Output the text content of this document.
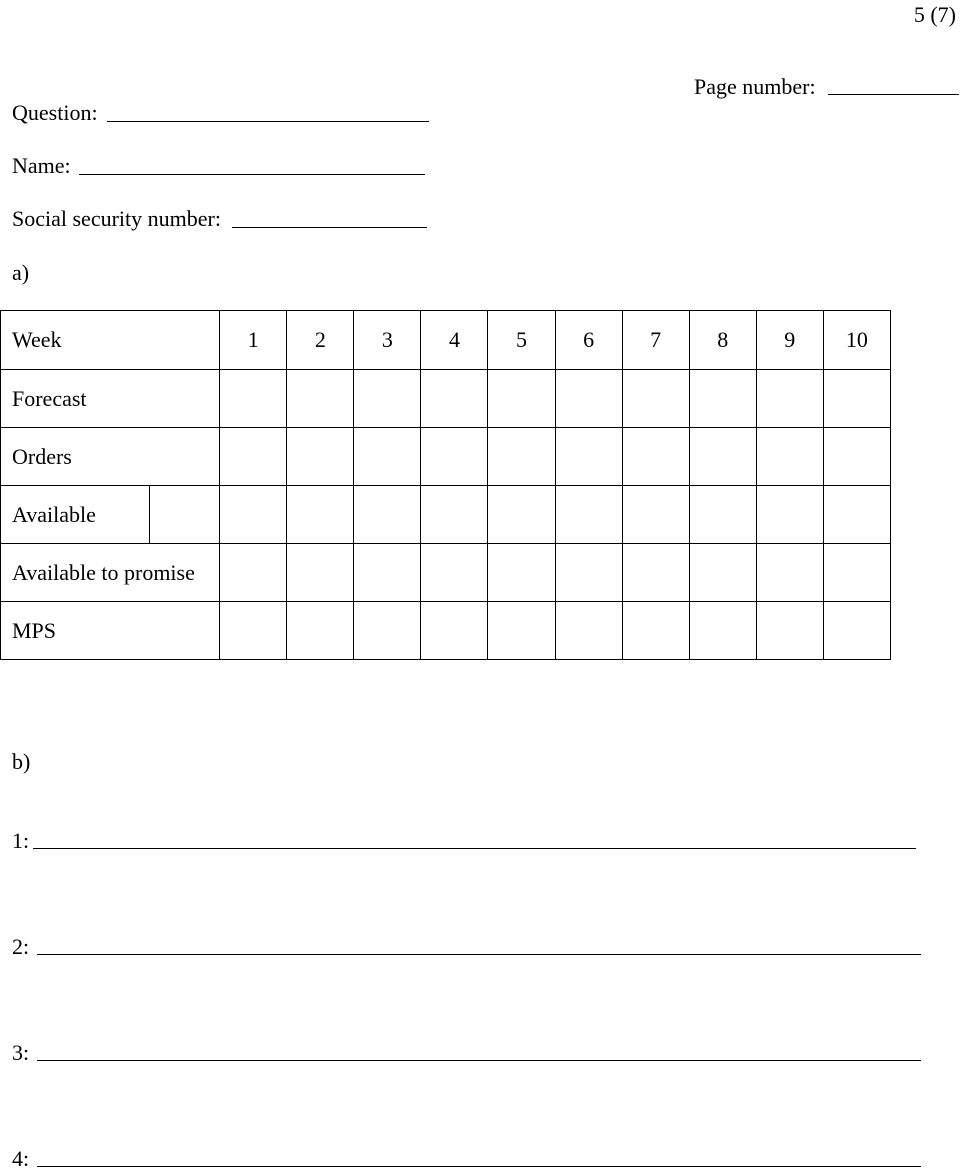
5 (7)
Page number:
Question:
Name:
Social security number:
a)
Week		1	2	3	4	5	6	7	8	9	10
Forecast											
Orders											
Available											
Available to promise											
MPS											
b)
1:
2:
3:
4:
